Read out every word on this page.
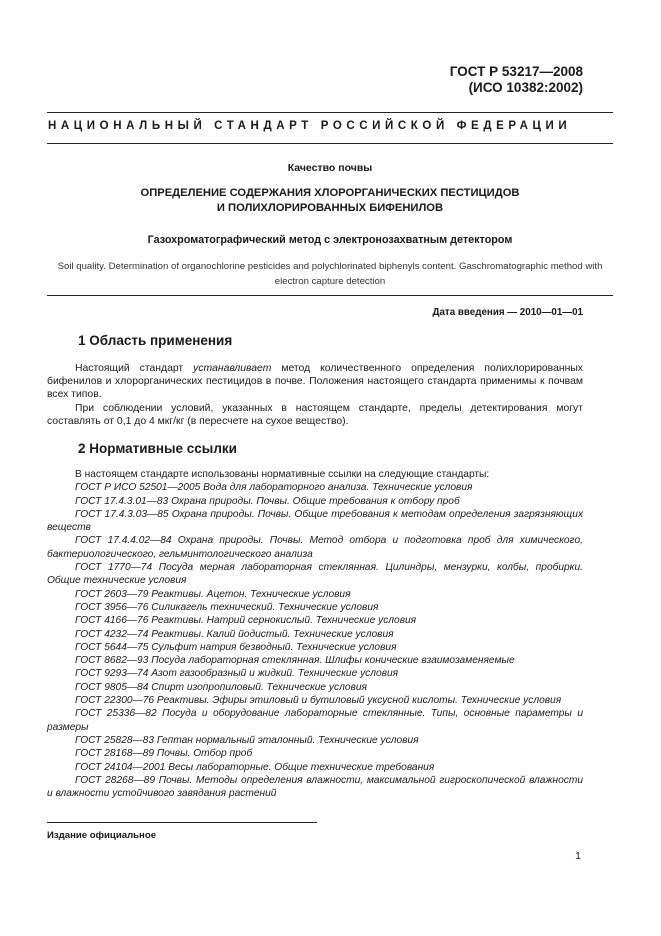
ГОСТ Р 53217—2008
(ИСО 10382:2002)
НАЦИОНАЛЬНЫЙ СТАНДАРТ РОССИЙСКОЙ ФЕДЕРАЦИИ
Качество почвы
ОПРЕДЕЛЕНИЕ СОДЕРЖАНИЯ ХЛОРОРГАНИЧЕСКИХ ПЕСТИЦИДОВ
И ПОЛИХЛОРИРОВАННЫХ БИФЕНИЛОВ
Газохроматографический метод с электронозахватным детектором
Soil quality. Determination of organochlorine pesticides and polychlorinated biphenyls content. Gaschromatographic method with electron capture detection
Дата введения — 2010—01—01
1 Область применения
Настоящий стандарт устанавливает метод количественного определения полихлорированных бифенилов и хлорорганических пестицидов в почве. Положения настоящего стандарта применимы к почвам всех типов.
При соблюдении условий, указанных в настоящем стандарте, пределы детектирования могут составлять от 0,1 до 4 мкг/кг (в пересчете на сухое вещество).
2 Нормативные ссылки
В настоящем стандарте использованы нормативные ссылки на следующие стандарты:
ГОСТ Р ИСО 52501—2005 Вода для лабораторного анализа. Технические условия
ГОСТ 17.4.3.01—83 Охрана природы. Почвы. Общие требования к отбору проб
ГОСТ 17.4.3.03—85 Охрана природы. Почвы. Общие требования к методам определения загрязняющих веществ
ГОСТ 17.4.4.02—84 Охрана природы. Почвы. Метод отбора и подготовка проб для химического, бактериологического, гельминтологического анализа
ГОСТ 1770—74 Посуда мерная лабораторная стеклянная. Цилиндры, мензурки, колбы, пробирки. Общие технические условия
ГОСТ 2603—79 Реактивы. Ацетон. Технические условия
ГОСТ 3956—76 Силикагель технический. Технические условия
ГОСТ 4166—76 Реактивы. Натрий сернокислый. Технические условия
ГОСТ 4232—74 Реактивы. Калий йодистый. Технические условия
ГОСТ 5644—75 Сульфит натрия безводный. Технические условия
ГОСТ 8682—93 Посуда лабораторная стеклянная. Шлифы конические взаимозаменяемые
ГОСТ 9293—74 Азот газообразный и жидкий. Технические условия
ГОСТ 9805—84 Спирт изопропиловый. Технические условия
ГОСТ 22300—76 Реактивы. Эфиры этиловый и бутиловый уксусной кислоты. Технические условия
ГОСТ 25336—82 Посуда и оборудование лабораторные стеклянные. Типы, основные параметры и размеры
ГОСТ 25828—83 Гептан нормальный эталонный. Технические условия
ГОСТ 28168—89 Почвы. Отбор проб
ГОСТ 24104—2001 Весы лабораторные. Общие технические требования
ГОСТ 28268—89 Почвы. Методы определения влажности, максимальной гигроскопической влажности и влажности устойчивого завядания растений
Издание официальное
1
